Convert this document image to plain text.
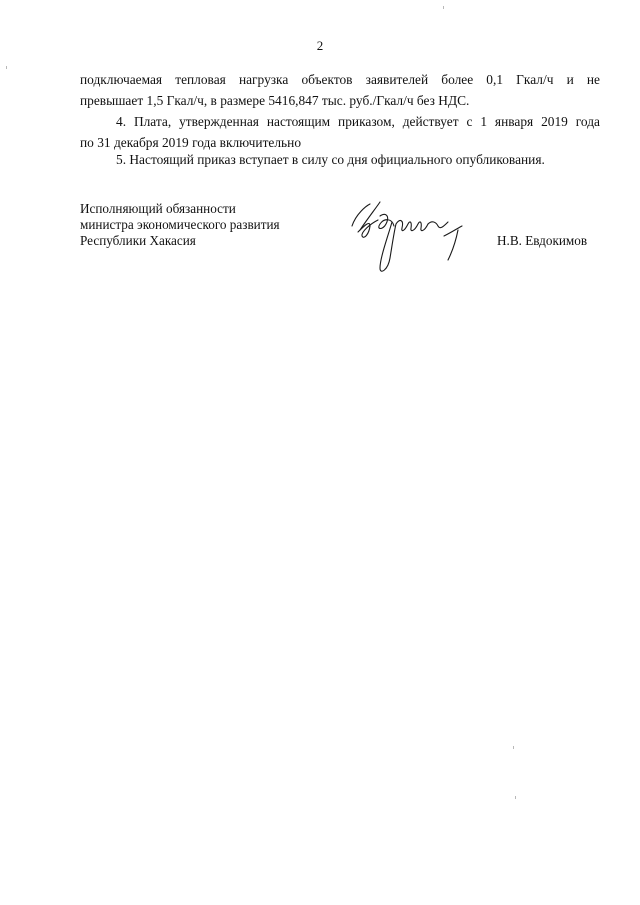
2
подключаемая тепловая нагрузка объектов заявителей более 0,1 Гкал/ч и не
превышает 1,5 Гкал/ч, в размере 5416,847 тыс. руб./Гкал/ч без НДС.
4. Плата, утвержденная настоящим приказом, действует с 1 января 2019 года
по 31 декабря 2019 года включительно
5. Настоящий приказ вступает в силу со дня официального опубликования.
Исполняющий обязанности
министра экономического развития
Республики Хакасия	Н.В. Евдокимов
